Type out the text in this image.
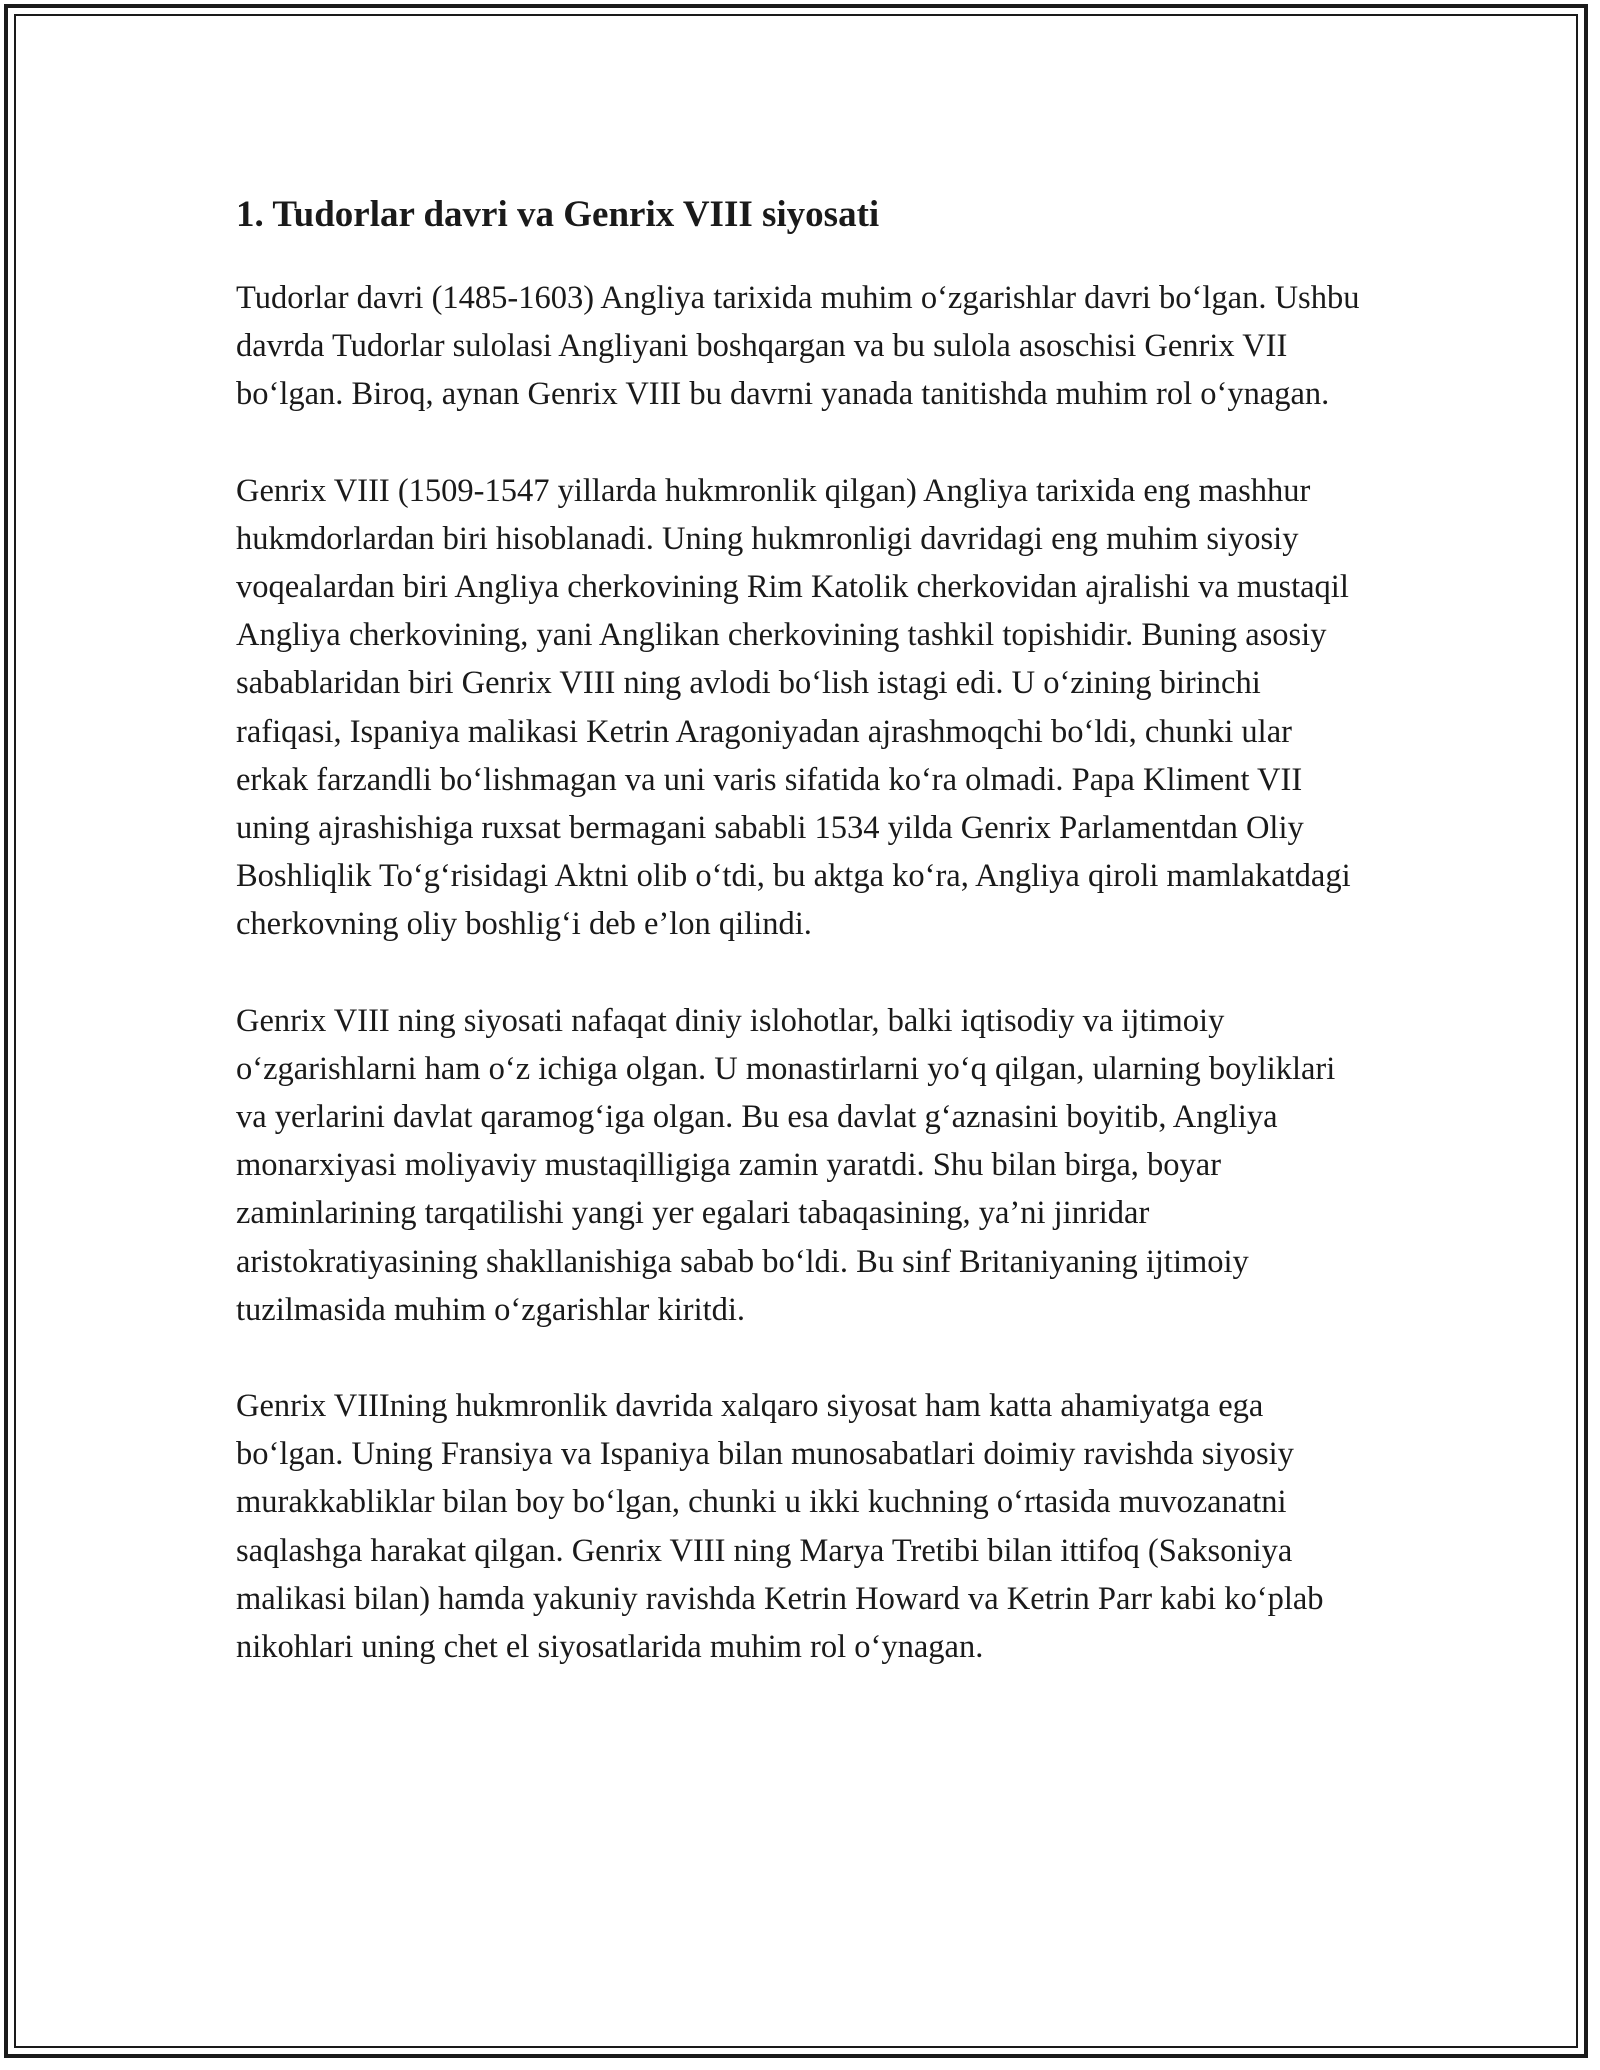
1. Tudorlar davri va Genrix VIII siyosati

Tudorlar davri (1485-1603) Angliya tarixida muhim o‘zgarishlar davri bo‘lgan. Ushbu davrda Tudorlar sulolasi Angliyani boshqargan va bu sulola asoschisi Genrix VII bo‘lgan. Biroq, aynan Genrix VIII bu davrni yanada tanitishda muhim rol o‘ynagan.

Genrix VIII (1509-1547 yillarda hukmronlik qilgan) Angliya tarixida eng mashhur hukmdorlardan biri hisoblanadi. Uning hukmronligi davridagi eng muhim siyosiy voqealardan biri Angliya cherkovining Rim Katolik cherkovidan ajralishi va mustaqil Angliya cherkovining, yani Anglikan cherkovining tashkil topishidir. Buning asosiy sabablaridan biri Genrix VIII ning avlodi bo‘lish istagi edi. U o‘zining birinchi rafiqasi, Ispaniya malikasi Ketrin Aragoniyadan ajrashmoqchi bo‘ldi, chunki ular erkak farzandli bo‘lishmagan va uni varis sifatida ko‘ra olmadi. Papa Kliment VII uning ajrashishiga ruxsat bermagani sababli 1534 yilda Genrix Parlamentdan Oliy Boshliqlik To‘g‘risidagi Aktni olib o‘tdi, bu aktga ko‘ra, Angliya qiroli mamlakatdagi cherkovning oliy boshlig‘i deb e’lon qilindi.

Genrix VIII ning siyosati nafaqat diniy islohotlar, balki iqtisodiy va ijtimoiy o‘zgarishlarni ham o‘z ichiga olgan. U monastirlarni yo‘q qilgan, ularning boyliklari va yerlarini davlat qaramog‘iga olgan. Bu esa davlat g‘aznasini boyitib, Angliya monarxiyasi moliyaviy mustaqilligiga zamin yaratdi. Shu bilan birga, boyar zaminlarining tarqatilishi yangi yer egalari tabaqasining, ya’ni jinridar aristokratiyasining shakllanishiga sabab bo‘ldi. Bu sinf Britaniyaning ijtimoiy tuzilmasida muhim o‘zgarishlar kiritdi.

Genrix VIIIning hukmronlik davrida xalqaro siyosat ham katta ahamiyatga ega bo‘lgan. Uning Fransiya va Ispaniya bilan munosabatlari doimiy ravishda siyosiy murakkabliklar bilan boy bo‘lgan, chunki u ikki kuchning o‘rtasida muvozanatni saqlashga harakat qilgan. Genrix VIII ning Marya Tretibi bilan ittifoq (Saksoniya malikasi bilan) hamda yakuniy ravishda Ketrin Howard va Ketrin Parr kabi ko‘plab nikohlari uning chet el siyosatlarida muhim rol o‘ynagan.
